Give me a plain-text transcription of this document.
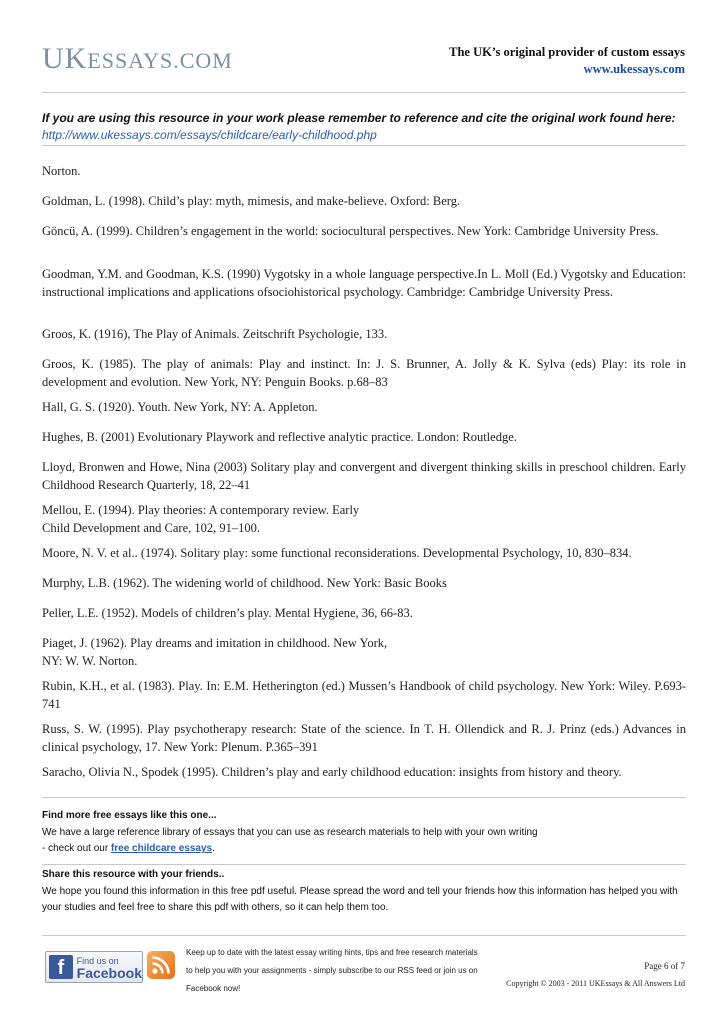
U K ESSAYS .COM	The UK’s original provider of custom essays
www.ukessays.com
If you are using this resource in your work please remember to reference and cite the original work found here:
http://www.ukessays.com/essays/childcare/early-childhood.php

Norton.

Goldman, L. (1998). Child’s play: myth, mimesis, and make-believe. Oxford: Berg.

Göncü, A. (1999). Children’s engagement in the world: sociocultural perspectives. New York: Cambridge University Press.

Goodman, Y.M. and Goodman, K.S. (1990) Vygotsky in a whole language perspective.In L. Moll (Ed.) Vygotsky and Education: instructional implications and applications ofsociohistorical psychology. Cambridge: Cambridge University Press.

Groos, K. (1916), The Play of Animals. Zeitschrift Psychologie, 133.

Groos, K. (1985). The play of animals: Play and instinct. In: J. S. Brunner, A. Jolly & K. Sylva (eds) Play: its role in development and evolution. New York, NY: Penguin Books. p.68–83

Hall, G. S. (1920). Youth. New York, NY: A. Appleton.

Hughes, B. (2001) Evolutionary Playwork and reflective analytic practice. London: Routledge.

Lloyd, Bronwen and Howe, Nina (2003) Solitary play and convergent and divergent thinking skills in preschool children. Early Childhood Research Quarterly, 18, 22–41

Mellou, E. (1994). Play theories: A contemporary review. Early
Child Development and Care, 102, 91–100.

Moore, N. V. et al.. (1974). Solitary play: some functional reconsiderations. Developmental Psychology, 10, 830–834.

Murphy, L.B. (1962). The widening world of childhood. New York: Basic Books

Peller, L.E. (1952). Models of children’s play. Mental Hygiene, 36, 66-83.

Piaget, J. (1962). Play dreams and imitation in childhood. New York,
NY: W. W. Norton.

Rubin, K.H., et al. (1983). Play. In: E.M. Hetherington (ed.) Mussen’s Handbook of child psychology. New York: Wiley. P.693-741

Russ, S. W. (1995). Play psychotherapy research: State of the science. In T. H. Ollendick and R. J. Prinz (eds.) Advances in clinical psychology, 17. New York: Plenum. P.365–391

Saracho, Olivia N., Spodek (1995). Children’s play and early childhood education: insights from history and theory.

Find more free essays like this one...
We have a large reference library of essays that you can use as research materials to help with your own writing
- check out our free childcare essays.
Share this resource with your friends..
We hope you found this information in this free pdf useful. Please spread the word and tell your friends how this information has helped you with your studies and feel free to share this pdf with others, so it can help them too.
f	Find us on
Facebook
Keep up to date with the latest essay writing hints, tips and free research materials
to help you with your assignments - simply subscribe to our RSS feed or join us on
Facebook now!
Page 6 of 7
Copyright © 2003 - 2011 UKEssays & All Answers Ltd
